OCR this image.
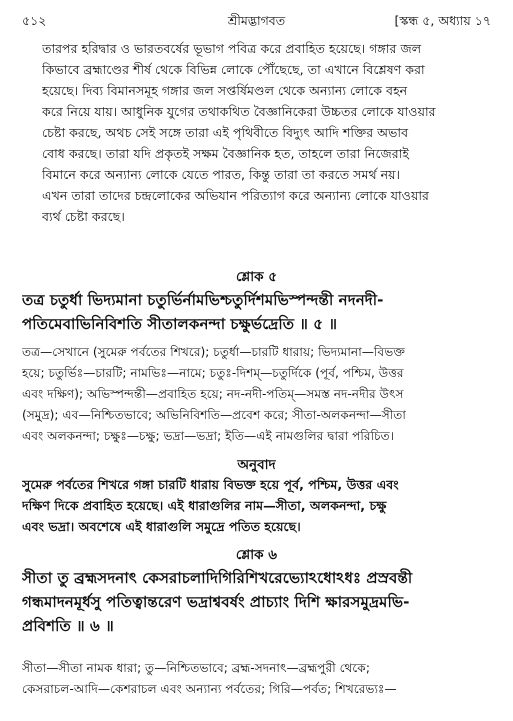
৫১২	শ্রীমদ্ভাগবত	[স্কন্ধ ৫, অধ্যায় ১৭
তারপর হরিদ্বার ও ভারতবর্ষের ভূভাগ পবিত্র করে প্রবাহিত হয়েছে। গঙ্গার জল
কিভাবে ব্রহ্মাণ্ডের শীর্ষ থেকে বিভিন্ন লোকে পৌঁছেছে, তা এখানে বিশ্লেষণ করা
হয়েছে। দিব্য বিমানসমূহ গঙ্গার জল সপ্তর্ষিমণ্ডল থেকে অন্যান্য লোকে বহন
করে নিয়ে যায়। আধুনিক যুগের তথাকথিত বৈজ্ঞানিকেরা উচ্চতর লোকে যাওয়ার
চেষ্টা করছে, অথচ সেই সঙ্গে তারা এই পৃথিবীতে বিদ্যুৎ আদি শক্তির অভাব
বোধ করছে। তারা যদি প্রকৃতই সক্ষম বৈজ্ঞানিক হত, তাহলে তারা নিজেরাই
বিমানে করে অন্যান্য লোকে যেতে পারত, কিন্তু তারা তা করতে সমর্থ নয়।
এখন তারা তাদের চন্দ্রলোকের অভিযান পরিত্যাগ করে অন্যান্য লোকে যাওয়ার
ব্যর্থ চেষ্টা করছে।
শ্লোক ৫
তত্র চতুর্ধা ভিদ্যমানা চতুর্ভির্নামভিশ্চতুর্দিশমভিস্পন্দন্তী নদনদী-
পতিমেবাভিনিবিশতি সীতালকনন্দা চক্ষুর্ভদ্রেতি ॥ ৫ ॥
তত্র—সেখানে (সুমেরু পর্বতের শিখরে); চতুর্ধা—চারটি ধারায়; ভিদ্যমানা—বিভক্ত
হয়ে; চতুর্ভিঃ—চারটি; নামভিঃ—নামে; চতুঃ-দিশম্—চতুর্দিকে (পূর্ব, পশ্চিম, উত্তর
এবং দক্ষিণ); অভিস্পন্দন্তী—প্রবাহিত হয়ে; নদ-নদী-পতিম্—সমস্ত নদ-নদীর উৎস
(সমুদ্র); এব—নিশ্চিতভাবে; অভিনিবিশতি—প্রবেশ করে; সীতা-অলকনন্দা—সীতা
এবং অলকনন্দা; চক্ষুঃ—চক্ষু; ভদ্রা—ভদ্রা; ইতি—এই নামগুলির দ্বারা পরিচিত।
অনুবাদ
সুমেরু পর্বতের শিখরে গঙ্গা চারটি ধারায় বিভক্ত হয়ে পূর্ব, পশ্চিম, উত্তর এবং
দক্ষিণ দিকে প্রবাহিত হয়েছে। এই ধারাগুলির নাম—সীতা, অলকনন্দা, চক্ষু
এবং ভদ্রা। অবশেষে এই ধারাগুলি সমুদ্রে পতিত হয়েছে।
শ্লোক ৬
সীতা তু ব্রহ্মসদনাৎ কেসরাচলাদিগিরিশিখরেভ্যোঽধোঽধঃ প্রস্রবন্তী
গন্ধমাদনমূর্ধসু পতিত্বান্তরেণ ভদ্রাশ্ববর্ষং প্রাচ্যাং দিশি ক্ষারসমুদ্রমভি-
প্রবিশতি ॥ ৬ ॥
সীতা—সীতা নামক ধারা; তু—নিশ্চিতভাবে; ব্রহ্ম-সদনাৎ—ব্রহ্মপুরী থেকে;
কেসরাচল-আদি—কেশরাচল এবং অন্যান্য পর্বতের; গিরি—পর্বত; শিখরেভ্যঃ—
